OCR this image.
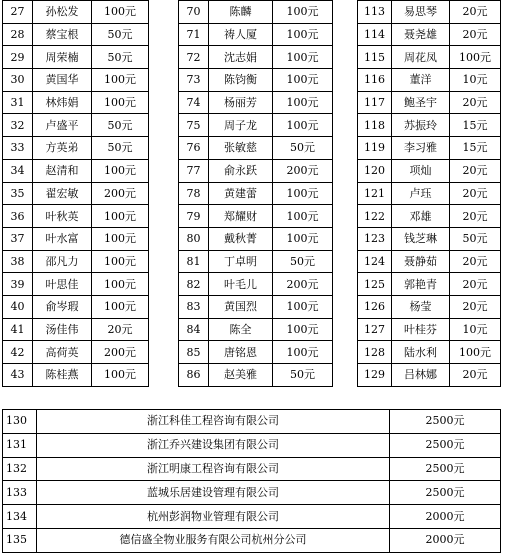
27	孙松发	100元
28	蔡宝根	50元
29	周荣楠	50元
30	黄国华	100元
31	林炜娟	100元
32	卢盛平	50元
33	方英弟	50元
34	赵清和	100元
35	翟宏敏	200元
36	叶秋英	100元
37	叶水富	100元
38	邵凡力	100元
39	叶思佳	100元
40	俞岑瑕	100元
41	汤佳伟	20元
42	高荷英	200元
43	陈桂燕	100元
70	陈麟	100元
71	祷人厦	100元
72	沈志娟	100元
73	陈钧衡	100元
74	杨丽芳	100元
75	周子龙	100元
76	张敏慈	50元
77	俞永跃	200元
78	黄建蕾	100元
79	郑耀财	100元
80	戴秋菁	100元
81	丁卓明	50元
82	叶毛儿	200元
83	黄国烈	100元
84	陈全	100元
85	唐铭恩	100元
86	赵美雅	50元
113	易思琴	20元
114	聂尧雄	20元
115	周花凤	100元
116	董洋	10元
117	鲍圣宇	20元
118	苏振玲	15元
119	李习雅	15元
120	项灿	20元
121	卢珏	20元
122	邓雄	20元
123	钱芝琳	50元
124	聂静茹	20元
125	郭艳青	20元
126	杨莹	20元
127	叶桂芬	10元
128	陆水利	100元
129	吕林娜	20元
130	浙江科佳工程咨询有限公司	2500元
131	浙江乔兴建设集团有限公司	2500元
132	浙江明康工程咨询有限公司	2500元
133	蓝城乐居建设管理有限公司	2500元
134	杭州彭润物业管理有限公司	2000元
135	德信盛全物业服务有限公司杭州分公司	2000元
